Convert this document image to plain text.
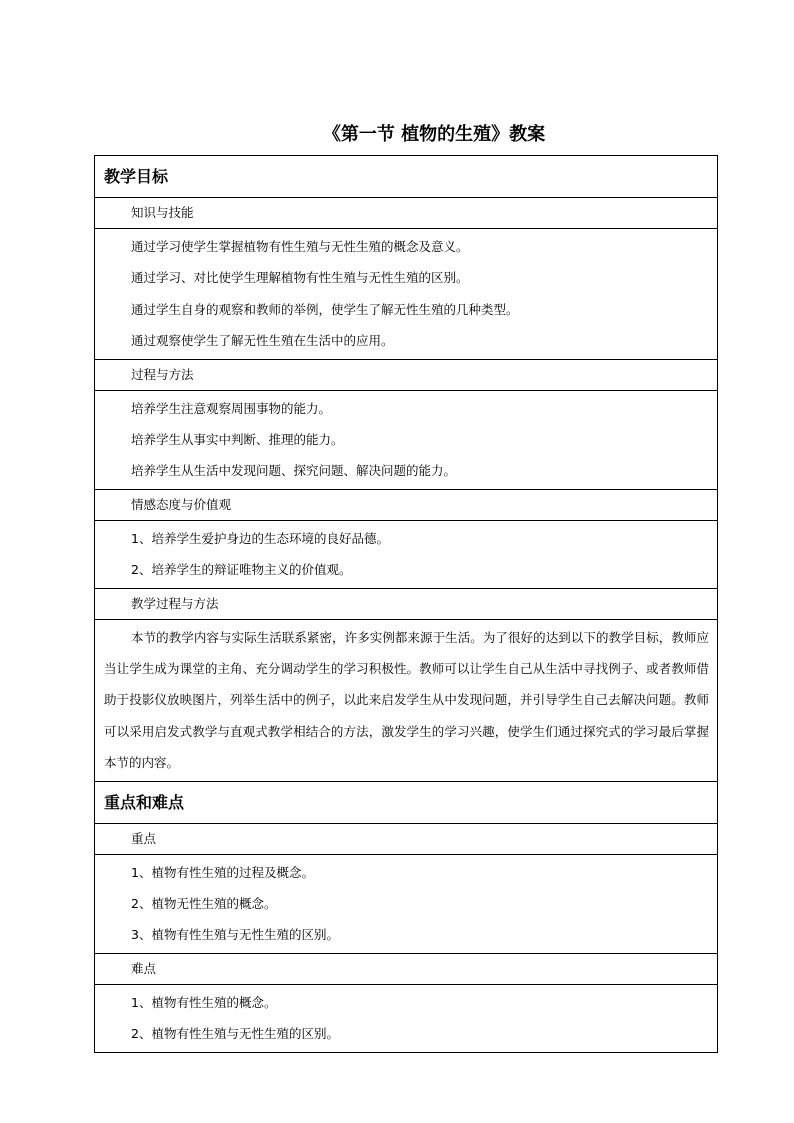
《第一节 植物的生殖》教案
教学目标
知识与技能

通过学习使学生掌握植物有性生殖与无性生殖的概念及意义。
通过学习、对比使学生理解植物有性生殖与无性生殖的区别。
通过学生自身的观察和教师的举例，使学生了解无性生殖的几种类型。
通过观察使学生了解无性生殖在生活中的应用。

过程与方法

培养学生注意观察周围事物的能力。
培养学生从事实中判断、推理的能力。
培养学生从生活中发现问题、探究问题、解决问题的能力。

情感态度与价值观

1、培养学生爱护身边的生态环境的良好品德。
2、培养学生的辩证唯物主义的价值观。

教学过程与方法

本节的教学内容与实际生活联系紧密，许多实例都来源于生活。为了很好的达到以下的教学目标，教师应当让学生成为课堂的主角、充分调动学生的学习积极性。教师可以让学生自己从生活中寻找例子、或者教师借助于投影仪放映图片，列举生活中的例子，以此来启发学生从中发现问题，并引导学生自己去解决问题。教师可以采用启发式教学与直观式教学相结合的方法，激发学生的学习兴趣，使学生们通过探究式的学习最后掌握本节的内容。

重点和难点
重点

1、植物有性生殖的过程及概念。
2、植物无性生殖的概念。
3、植物有性生殖与无性生殖的区别。

难点

1、植物有性生殖的概念。
2、植物有性生殖与无性生殖的区别。
